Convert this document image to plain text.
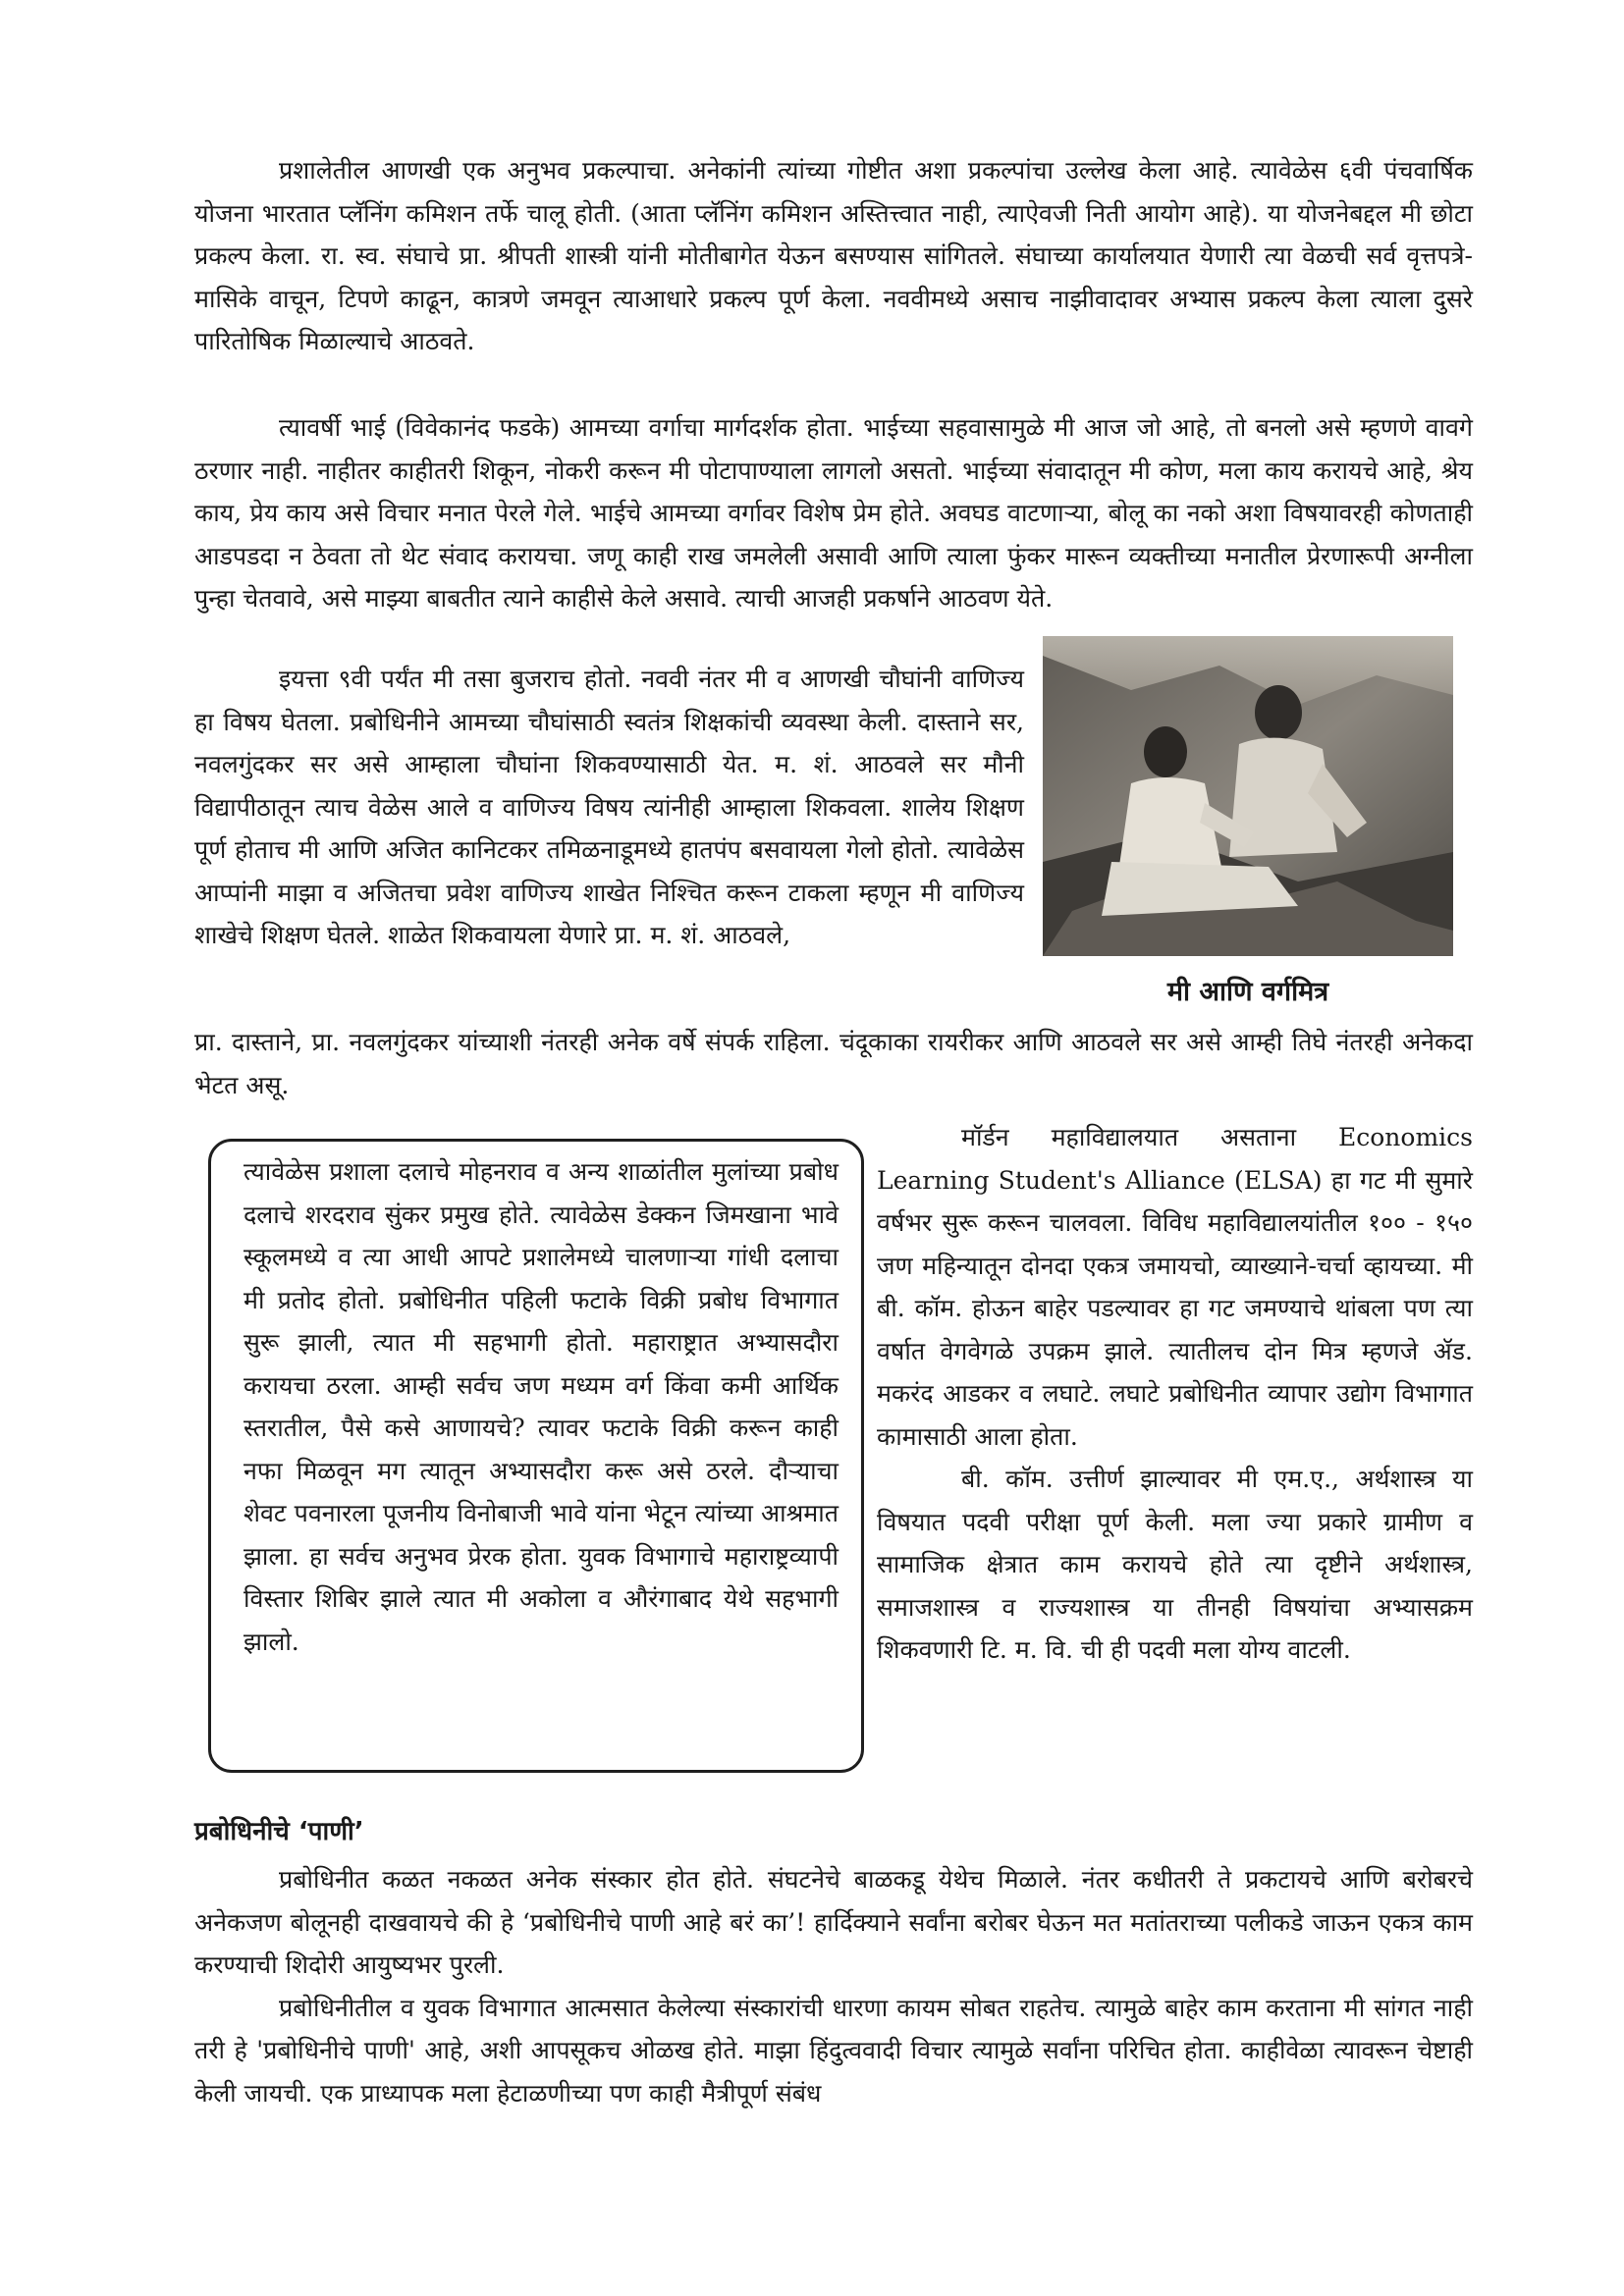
प्रशालेतील आणखी एक अनुभव प्रकल्पाचा. अनेकांनी त्यांच्या गोष्टीत अशा प्रकल्पांचा उल्लेख केला आहे. त्यावेळेस ६वी पंचवार्षिक योजना भारतात प्लॅनिंग कमिशन तर्फे चालू होती. (आता प्लॅनिंग कमिशन अस्तित्त्वात नाही, त्याऐवजी निती आयोग आहे). या योजनेबद्दल मी छोटा प्रकल्प केला. रा. स्व. संघाचे प्रा. श्रीपती शास्त्री यांनी मोतीबागेत येऊन बसण्यास सांगितले. संघाच्या कार्यालयात येणारी त्या वेळची सर्व वृत्तपत्रे-मासिके वाचून, टिपणे काढून, कात्रणे जमवून त्याआधारे प्रकल्प पूर्ण केला. नववीमध्ये असाच नाझीवादावर अभ्यास प्रकल्प केला त्याला दुसरे पारितोषिक मिळाल्याचे आठवते.

त्यावर्षी भाई (विवेकानंद फडके) आमच्या वर्गाचा मार्गदर्शक होता. भाईच्या सहवासामुळे मी आज जो आहे, तो बनलो असे म्हणणे वावगे ठरणार नाही. नाहीतर काहीतरी शिकून, नोकरी करून मी पोटापाण्याला लागलो असतो. भाईच्या संवादातून मी कोण, मला काय करायचे आहे, श्रेय काय, प्रेय काय असे विचार मनात पेरले गेले. भाईचे आमच्या वर्गावर विशेष प्रेम होते. अवघड वाटणाऱ्या, बोलू का नको अशा विषयावरही कोणताही आडपडदा न ठेवता तो थेट संवाद करायचा. जणू काही राख जमलेली असावी आणि त्याला फुंकर मारून व्यक्तीच्या मनातील प्रेरणारूपी अग्नीला पुन्हा चेतवावे, असे माझ्या बाबतीत त्याने काहीसे केले असावे. त्याची आजही प्रकर्षाने आठवण येते.

इयत्ता ९वी पर्यंत मी तसा बुजराच होतो. नववी नंतर मी व आणखी चौघांनी वाणिज्य हा विषय घेतला. प्रबोधिनीने आमच्या चौघांसाठी स्वतंत्र शिक्षकांची व्यवस्था केली. दास्ताने सर, नवलगुंदकर सर असे आम्हाला चौघांना शिकवण्यासाठी येत. म. शं. आठवले सर मौनी विद्यापीठातून त्याच वेळेस आले व वाणिज्य विषय त्यांनीही आम्हाला शिकवला. शालेय शिक्षण पूर्ण होताच मी आणि अजित कानिटकर तमिळनाडूमध्ये हातपंप बसवायला गेलो होतो. त्यावेळेस आप्पांनी माझा व अजितचा प्रवेश वाणिज्य शाखेत निश्चित करून टाकला म्हणून मी वाणिज्य शाखेचे शिक्षण घेतले. शाळेत शिकवायला येणारे प्रा. म. शं. आठवले,

मी आणि वर्गमित्र

प्रा. दास्ताने, प्रा. नवलगुंदकर यांच्याशी नंतरही अनेक वर्षे संपर्क राहिला. चंदूकाका रायरीकर आणि आठवले सर असे आम्ही तिघे नंतरही अनेकदा भेटत असू.

त्यावेळेस प्रशाला दलाचे मोहनराव व अन्य शाळांतील मुलांच्या प्रबोध दलाचे शरदराव सुंकर प्रमुख होते. त्यावेळेस डेक्कन जिमखाना भावे स्कूलमध्ये व त्या आधी आपटे प्रशालेमध्ये चालणाऱ्या गांधी दलाचा मी प्रतोद होतो. प्रबोधिनीत पहिली फटाके विक्री प्रबोध विभागात सुरू झाली, त्यात मी सहभागी होतो. महाराष्ट्रात अभ्यासदौरा करायचा ठरला. आम्ही सर्वच जण मध्यम वर्ग किंवा कमी आर्थिक स्तरातील, पैसे कसे आणायचे? त्यावर फटाके विक्री करून काही नफा मिळवून मग त्यातून अभ्यासदौरा करू असे ठरले. दौऱ्याचा शेवट पवनारला पूजनीय विनोबाजी भावे यांना भेटून त्यांच्या आश्रमात झाला. हा सर्वच अनुभव प्रेरक होता. युवक विभागाचे महाराष्ट्रव्यापी विस्तार शिबिर झाले त्यात मी अकोला व औरंगाबाद येथे सहभागी झालो.

मॉर्डन महाविद्यालयात असताना Economics Learning Student's Alliance (ELSA) हा गट मी सुमारे वर्षभर सुरू करून चालवला. विविध महाविद्यालयांतील १०० - १५० जण महिन्यातून दोनदा एकत्र जमायचो, व्याख्याने-चर्चा व्हायच्या. मी बी. कॉम. होऊन बाहेर पडल्यावर हा गट जमण्याचे थांबला पण त्या वर्षात वेगवेगळे उपक्रम झाले. त्यातीलच दोन मित्र म्हणजे ॲड. मकरंद आडकर व लघाटे. लघाटे प्रबोधिनीत व्यापार उद्योग विभागात कामासाठी आला होता.

बी. कॉम. उत्तीर्ण झाल्यावर मी एम.ए., अर्थशास्त्र या विषयात पदवी परीक्षा पूर्ण केली. मला ज्या प्रकारे ग्रामीण व सामाजिक क्षेत्रात काम करायचे होते त्या दृष्टीने अर्थशास्त्र, समाजशास्त्र व राज्यशास्त्र या तीनही विषयांचा अभ्यासक्रम शिकवणारी टि. म. वि. ची ही पदवी मला योग्य वाटली.

प्रबोधिनीचे ‘पाणी’

प्रबोधिनीत कळत नकळत अनेक संस्कार होत होते. संघटनेचे बाळकडू येथेच मिळाले. नंतर कधीतरी ते प्रकटायचे आणि बरोबरचे अनेकजण बोलूनही दाखवायचे की हे ‘प्रबोधिनीचे पाणी आहे बरं का’! हार्दिक्याने सर्वांना बरोबर घेऊन मत मतांतराच्या पलीकडे जाऊन एकत्र काम करण्याची शिदोरी आयुष्यभर पुरली.

प्रबोधिनीतील व युवक विभागात आत्मसात केलेल्या संस्कारांची धारणा कायम सोबत राहतेच. त्यामुळे बाहेर काम करताना मी सांगत नाही तरी हे 'प्रबोधिनीचे पाणी' आहे, अशी आपसूकच ओळख होते. माझा हिंदुत्ववादी विचार त्यामुळे सर्वांना परिचित होता. काहीवेळा त्यावरून चेष्टाही केली जायची. एक प्राध्यापक मला हेटाळणीच्या पण काही मैत्रीपूर्ण संबंध
